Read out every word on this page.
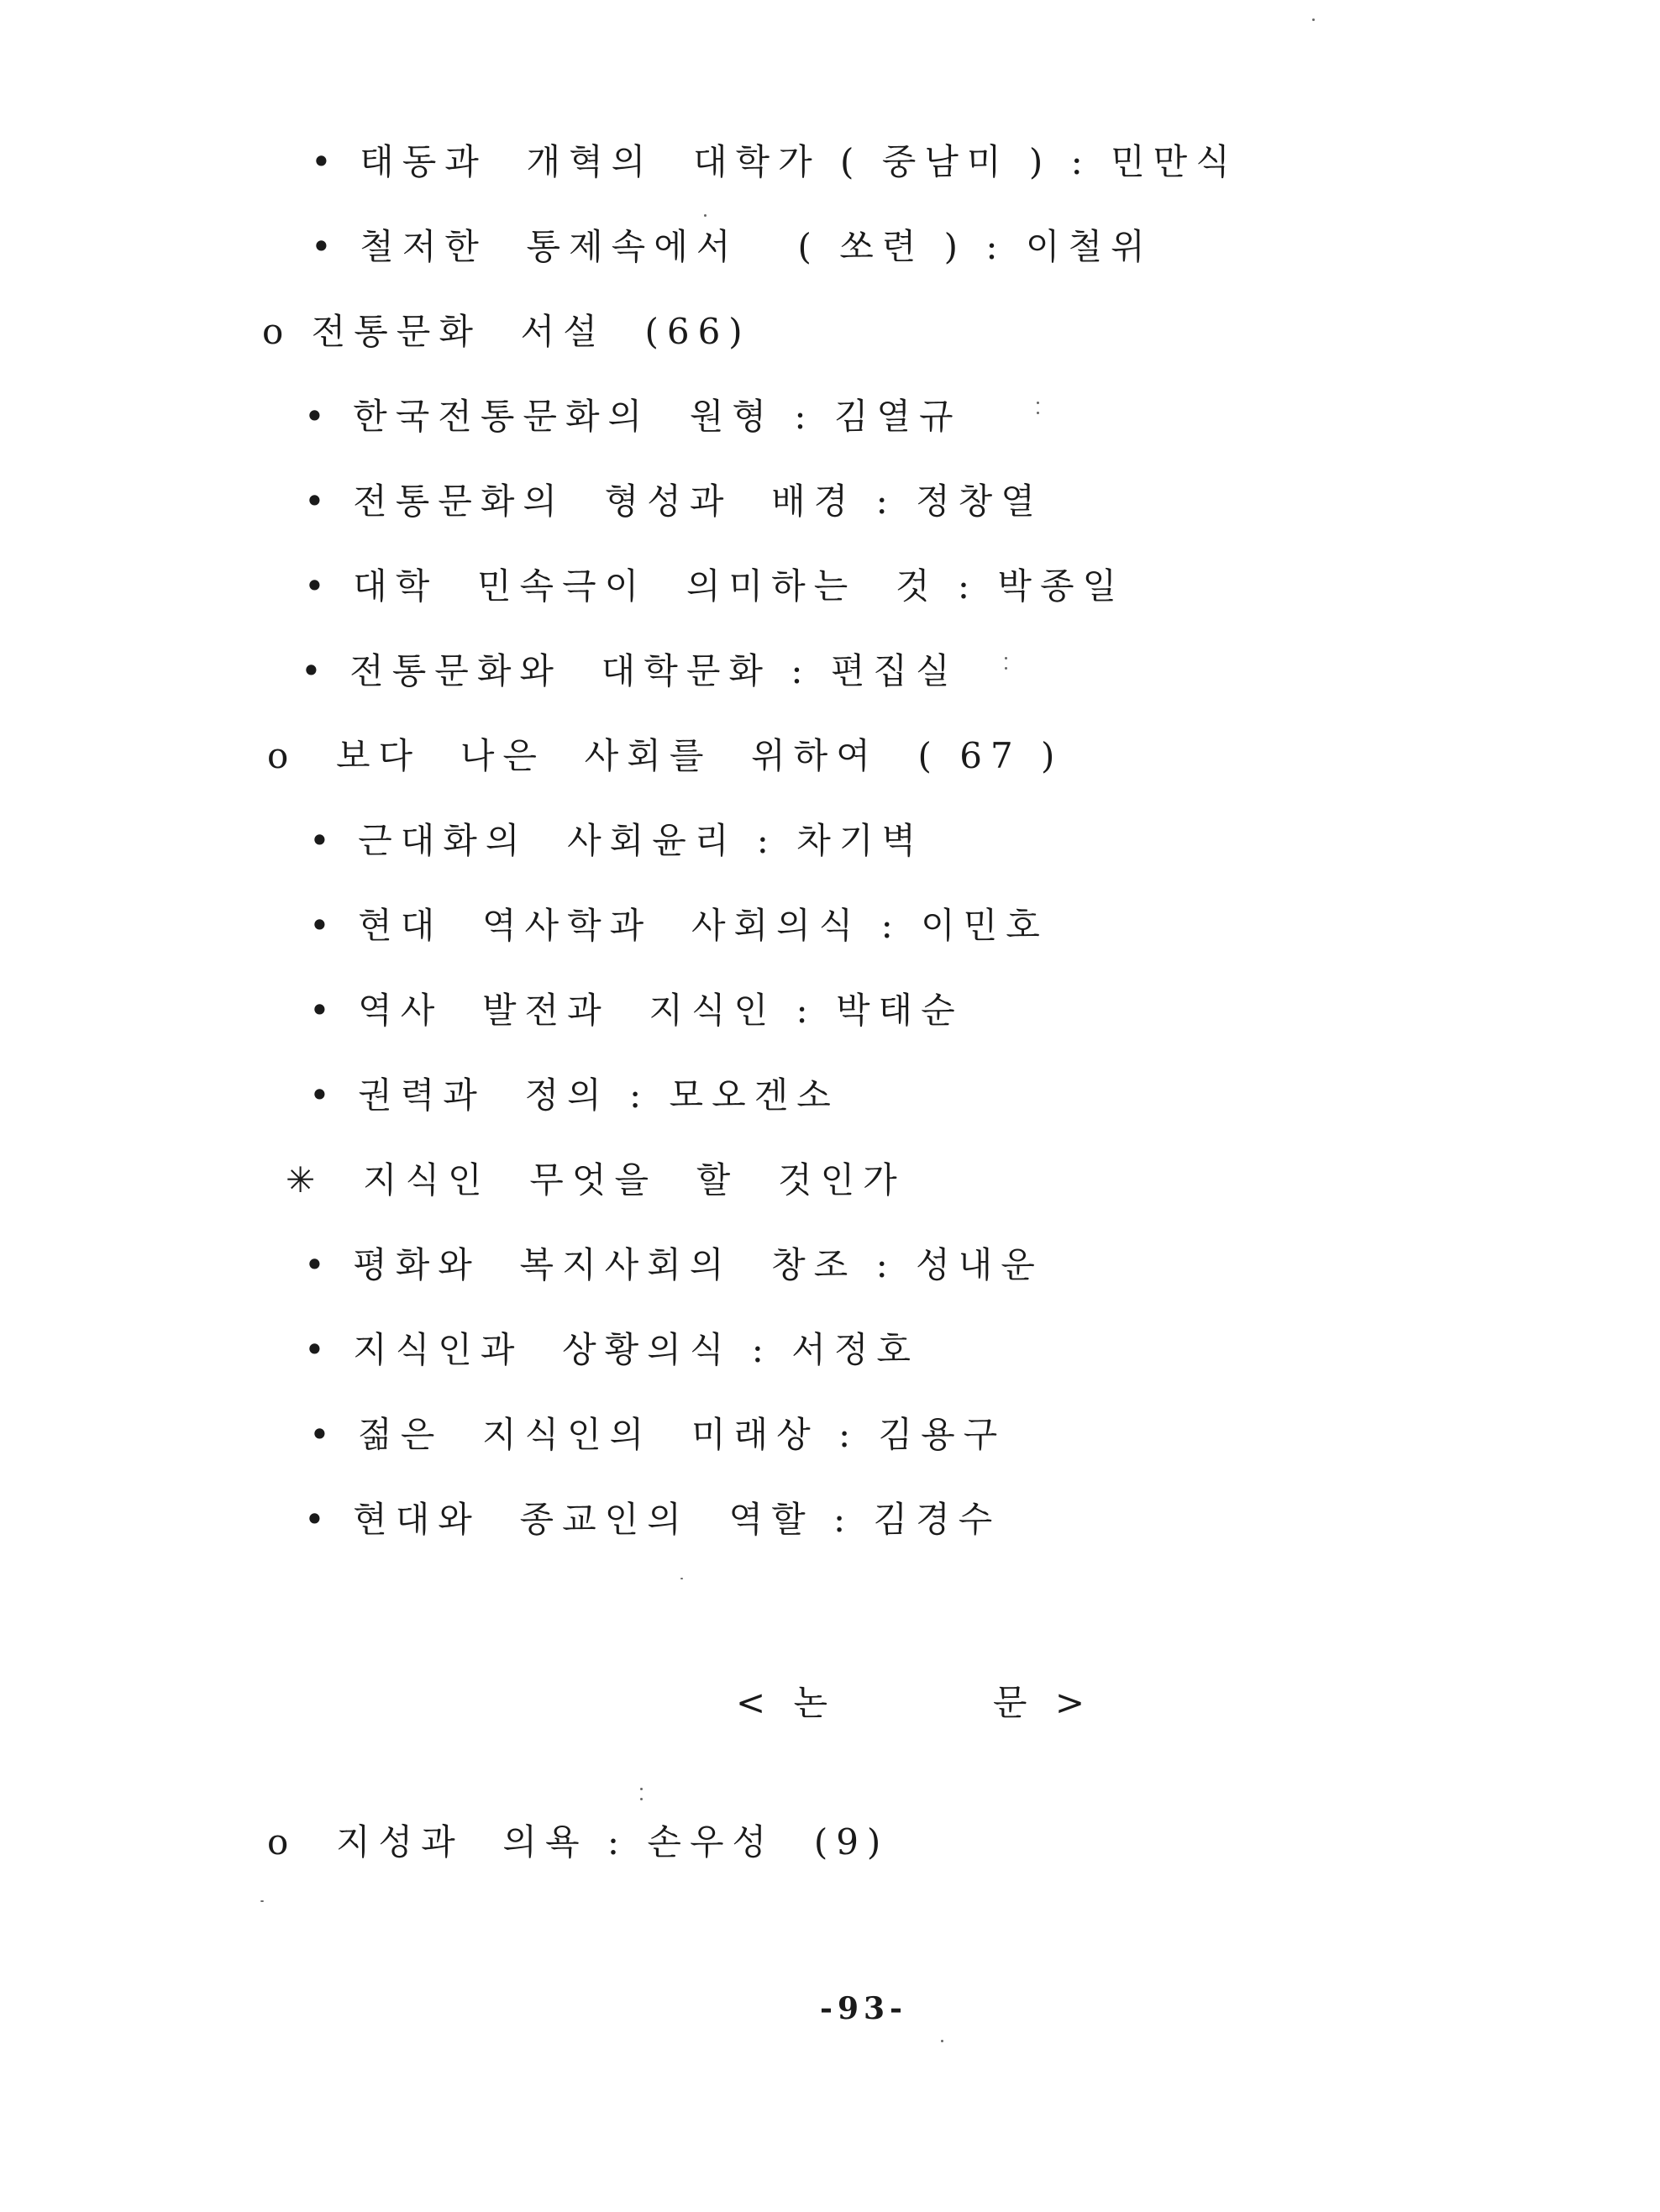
• 태동과  개혁의  대학가 ( 중남미 ) : 민만식
• 철저한  통제속에서   ( 쏘련 ) : 이철위
o 전통문화  서설  (66)
• 한국전통문화의  원형 : 김열규
• 전통문화의  형성과  배경 : 정창열
• 대학  민속극이  의미하는  것 : 박종일
• 전통문화와  대학문화 : 편집실
o  보다  나은  사회를  위하여  ( 67 )
• 근대화의  사회윤리 : 차기벽
• 현대  역사학과  사회의식 : 이민호
• 역사  발전과  지식인 : 박태순
• 권력과  정의 : 모오겐소
✳  지식인  무엇을  할  것인가
• 평화와  복지사회의  창조 : 성내운
• 지식인과  상황의식 : 서정호
• 젊은  지식인의  미래상 : 김용구
• 현대와  종교인의  역할 : 김경수
< 논        문 >
o  지성과  의욕 : 손우성  (9)
-93-
